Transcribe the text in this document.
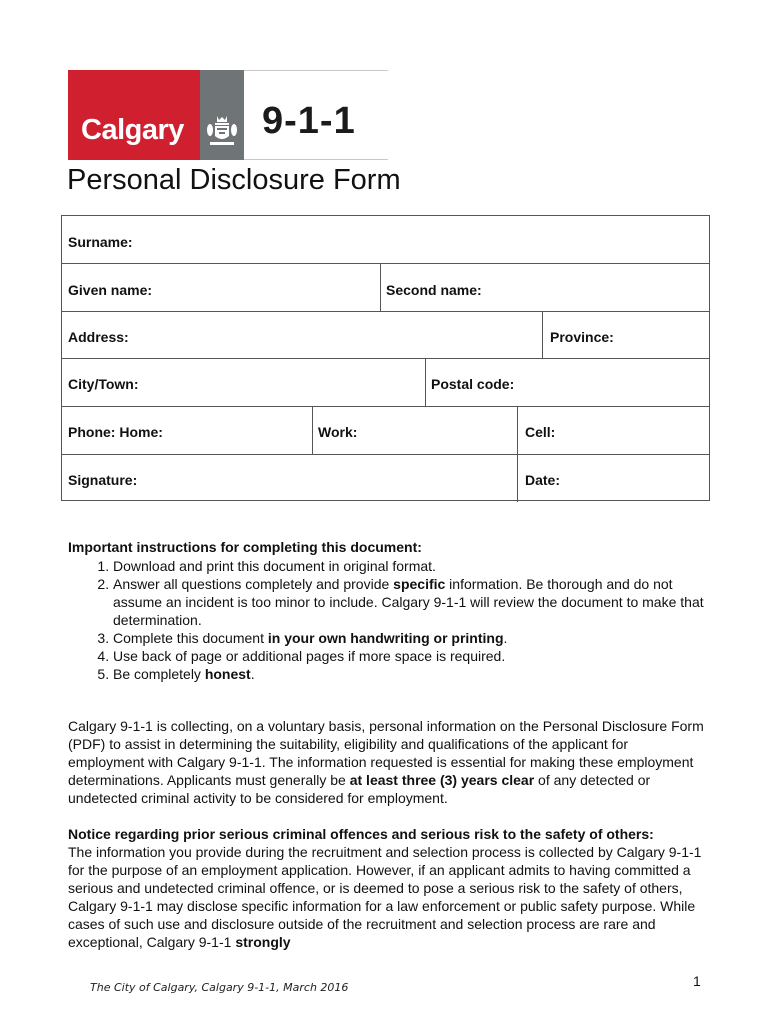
Calgary 9-1-1
Personal Disclosure Form
Surname:
Given name:	Second name:
Address:	Province:
City/Town:	Postal code:
Phone: Home:	Work:	Cell:
Signature:	Date:
Important instructions for completing this document:
1. Download and print this document in original format.
2. Answer all questions completely and provide specific information. Be thorough and do not assume an incident is too minor to include. Calgary 9-1-1 will review the document to make that determination.
3. Complete this document in your own handwriting or printing.
4. Use back of page or additional pages if more space is required.
5. Be completely honest.

Calgary 9-1-1 is collecting, on a voluntary basis, personal information on the Personal Disclosure Form (PDF) to assist in determining the suitability, eligibility and qualifications of the applicant for employment with Calgary 9-1-1. The information requested is essential for making these employment determinations. Applicants must generally be at least three (3) years clear of any detected or undetected criminal activity to be considered for employment.

Notice regarding prior serious criminal offences and serious risk to the safety of others:
The information you provide during the recruitment and selection process is collected by Calgary 9-1-1 for the purpose of an employment application. However, if an applicant admits to having committed a serious and undetected criminal offence, or is deemed to pose a serious risk to the safety of others, Calgary 9-1-1 may disclose specific information for a law enforcement or public safety purpose. While cases of such use and disclosure outside of the recruitment and selection process are rare and exceptional, Calgary 9-1-1 strongly

The City of Calgary, Calgary 9-1-1, March 2016	1
